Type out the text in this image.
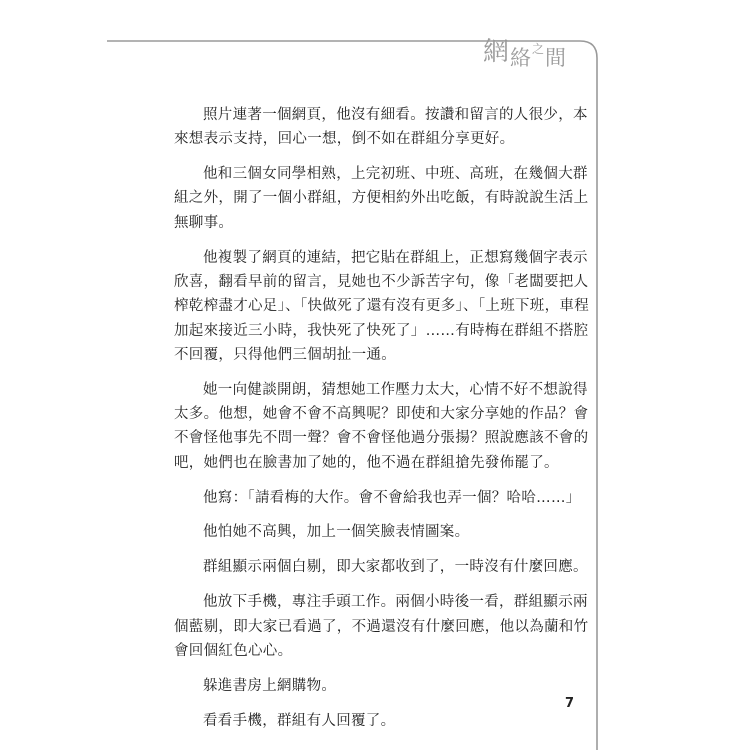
網 絡 之 間

照片連著一個網頁，他沒有細看。按讚和留言的人很少，本來想表示支持，回心一想，倒不如在群組分享更好。

他和三個女同學相熟，上完初班、中班、高班，在幾個大群組之外，開了一個小群組，方便相約外出吃飯，有時說說生活上無聊事。

他複製了網頁的連結，把它貼在群組上，正想寫幾個字表示欣喜，翻看早前的留言，見她也不少訴苦字句，像「老闆要把人榨乾榨盡才心足」、「快做死了還有沒有更多」、「上班下班，車程加起來接近三小時，我快死了快死了」……有時梅在群組不搭腔不回覆，只得他們三個胡扯一通。

她一向健談開朗，猜想她工作壓力太大，心情不好不想說得太多。他想，她會不會不高興呢？即使和大家分享她的作品？會不會怪他事先不問一聲？會不會怪他過分張揚？照說應該不會的吧，她們也在臉書加了她的，他不過在群組搶先發佈罷了。

他寫：「請看梅的大作。會不會給我也弄一個？哈哈……」

他怕她不高興，加上一個笑臉表情圖案。

群組顯示兩個白剔，即大家都收到了，一時沒有什麼回應。

他放下手機，專注手頭工作。兩個小時後一看，群組顯示兩個藍剔，即大家已看過了，不過還沒有什麼回應，他以為蘭和竹會回個紅色心心。

躲進書房上網購物。

看看手機，群組有人回覆了。

7
